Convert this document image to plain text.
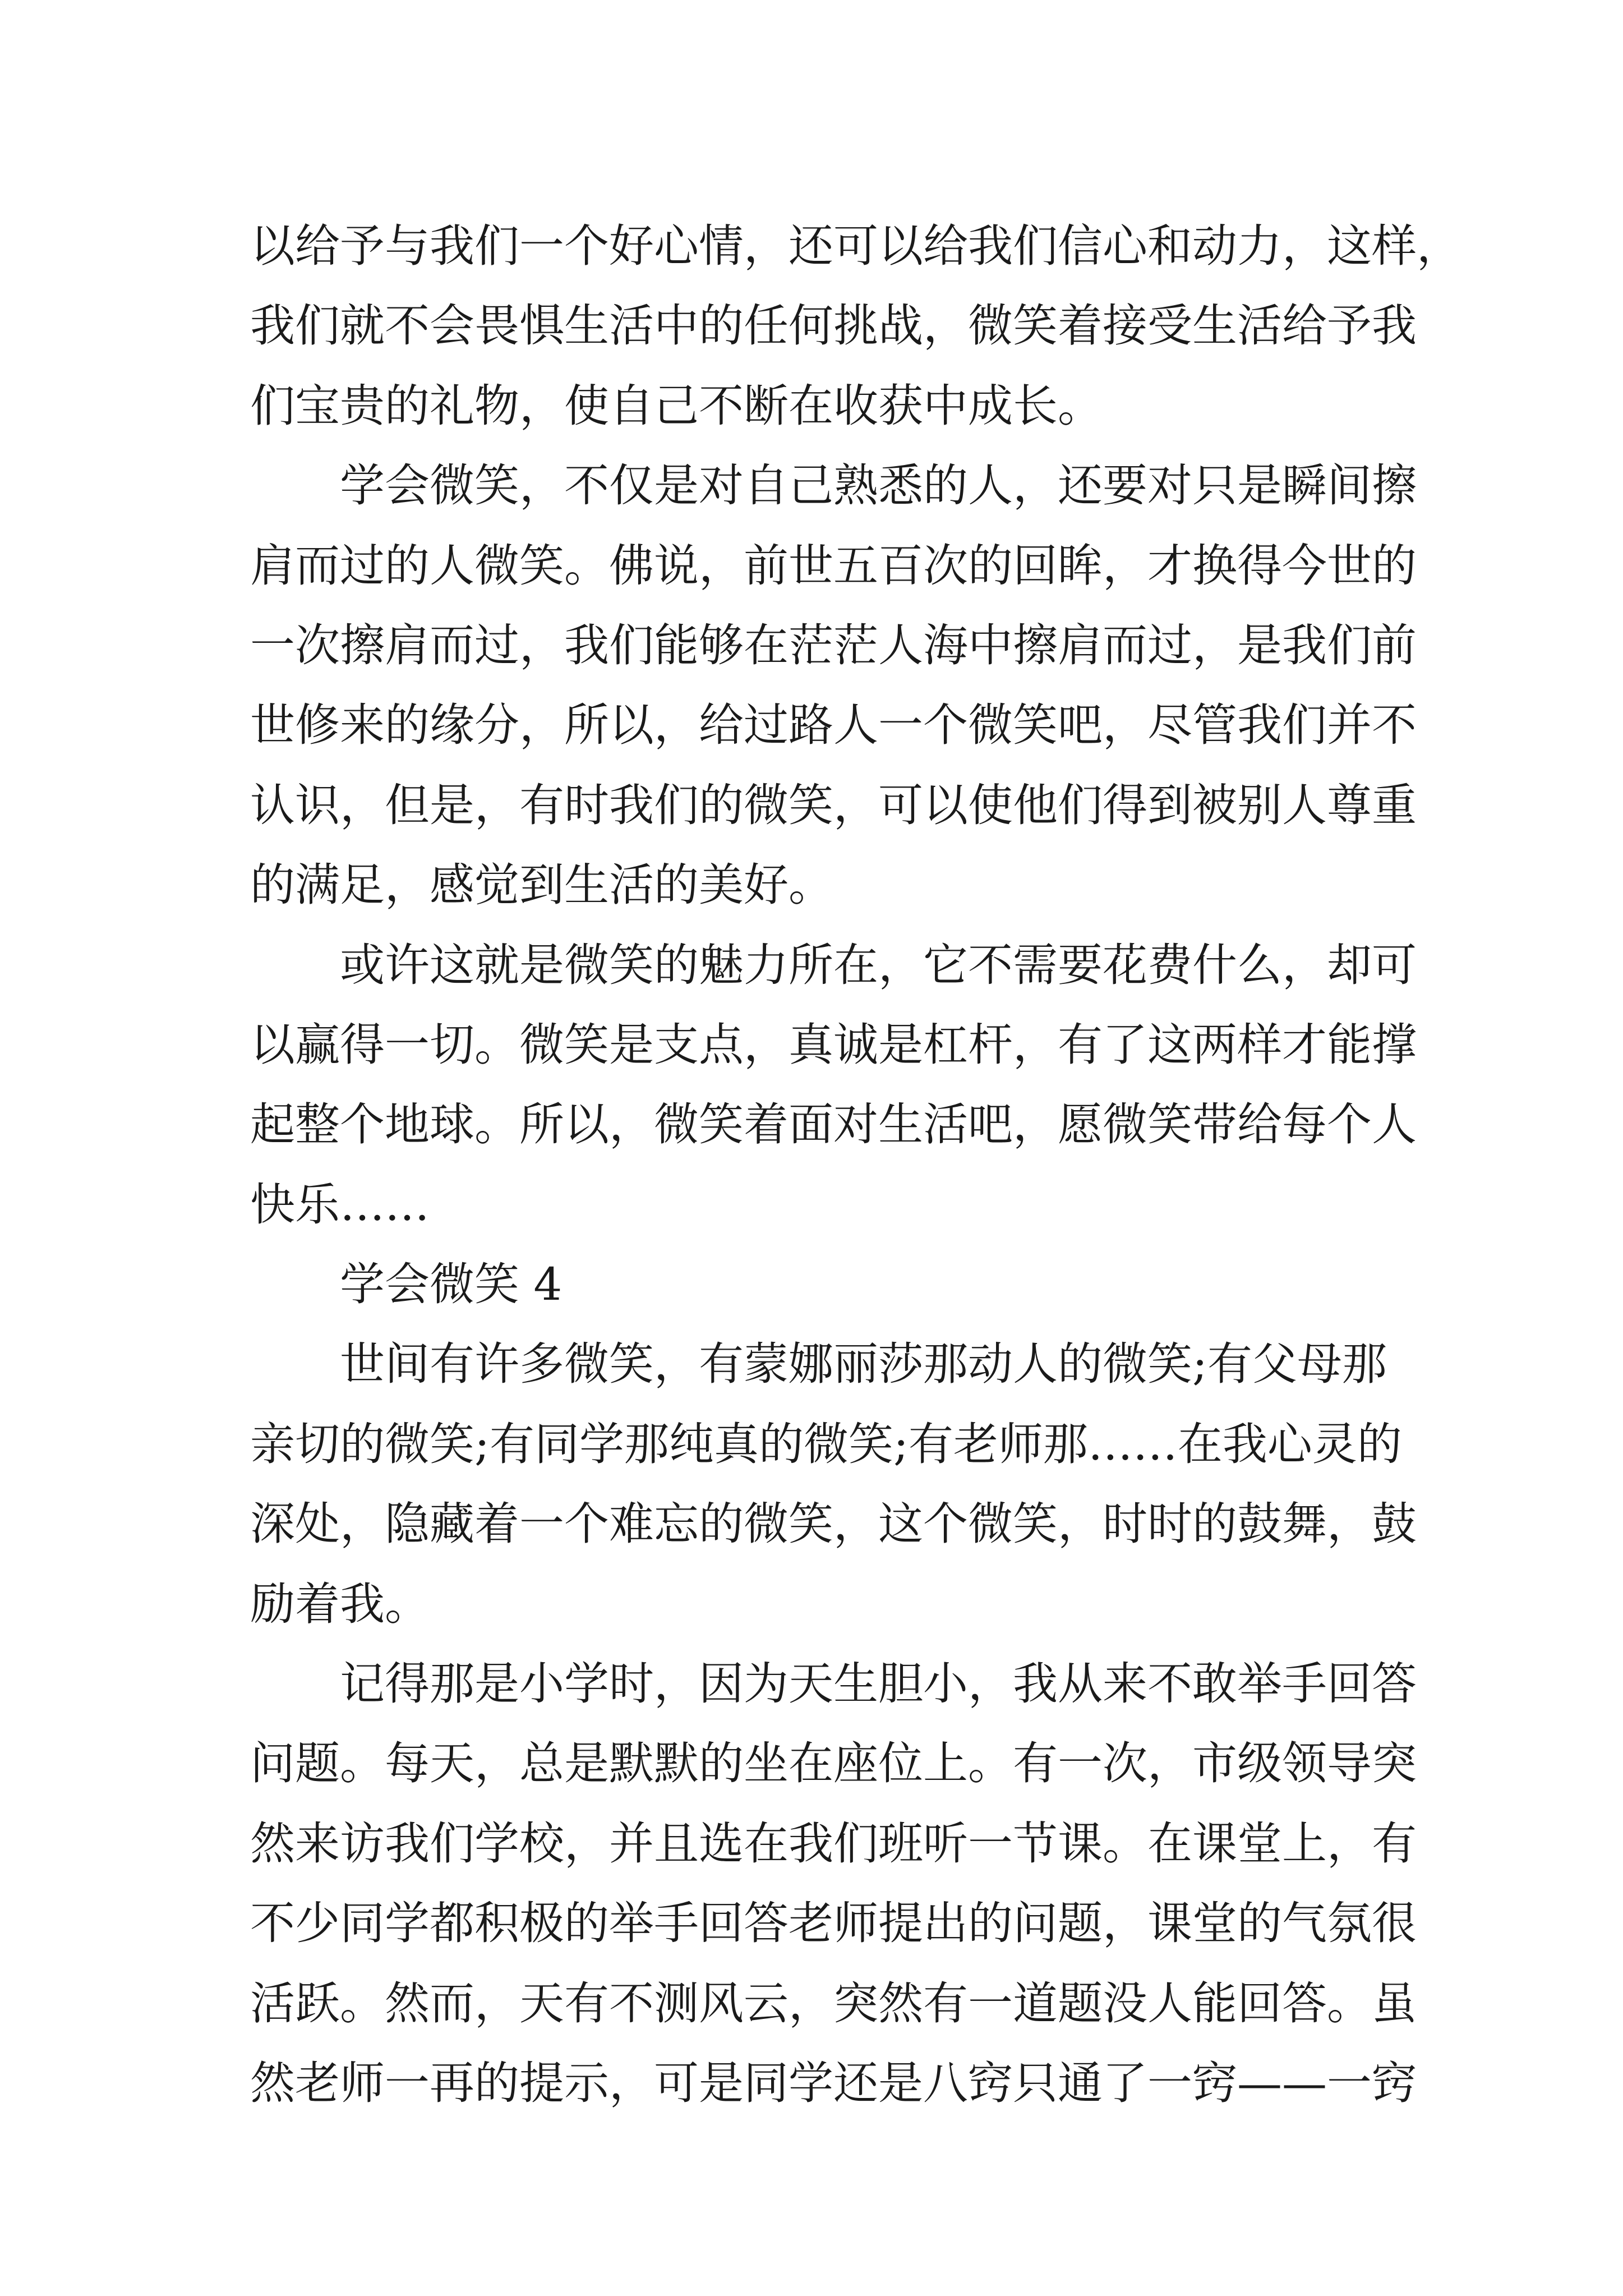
以给予与我们一个好心情，还可以给我们信心和动力，这样，
我们就不会畏惧生活中的任何挑战，微笑着接受生活给予我
们宝贵的礼物，使自己不断在收获中成长。
学会微笑，不仅是对自己熟悉的人，还要对只是瞬间擦
肩而过的人微笑。佛说，前世五百次的回眸，才换得今世的
一次擦肩而过，我们能够在茫茫人海中擦肩而过，是我们前
世修来的缘分，所以，给过路人一个微笑吧，尽管我们并不
认识，但是，有时我们的微笑，可以使他们得到被别人尊重
的满足，感觉到生活的美好。
或许这就是微笑的魅力所在，它不需要花费什么，却可
以赢得一切。微笑是支点，真诚是杠杆，有了这两样才能撑
起整个地球。所以，微笑着面对生活吧，愿微笑带给每个人
快乐……
学会微笑 4
世间有许多微笑，有蒙娜丽莎那动人的微笑;有父母那
亲切的微笑;有同学那纯真的微笑;有老师那……在我心灵的
深处，隐藏着一个难忘的微笑，这个微笑，时时的鼓舞，鼓
励着我。
记得那是小学时，因为天生胆小，我从来不敢举手回答
问题。每天，总是默默的坐在座位上。有一次，市级领导突
然来访我们学校，并且选在我们班听一节课。在课堂上，有
不少同学都积极的举手回答老师提出的问题，课堂的气氛很
活跃。然而，天有不测风云，突然有一道题没人能回答。虽
然老师一再的提示，可是同学还是八窍只通了一窍——一窍
